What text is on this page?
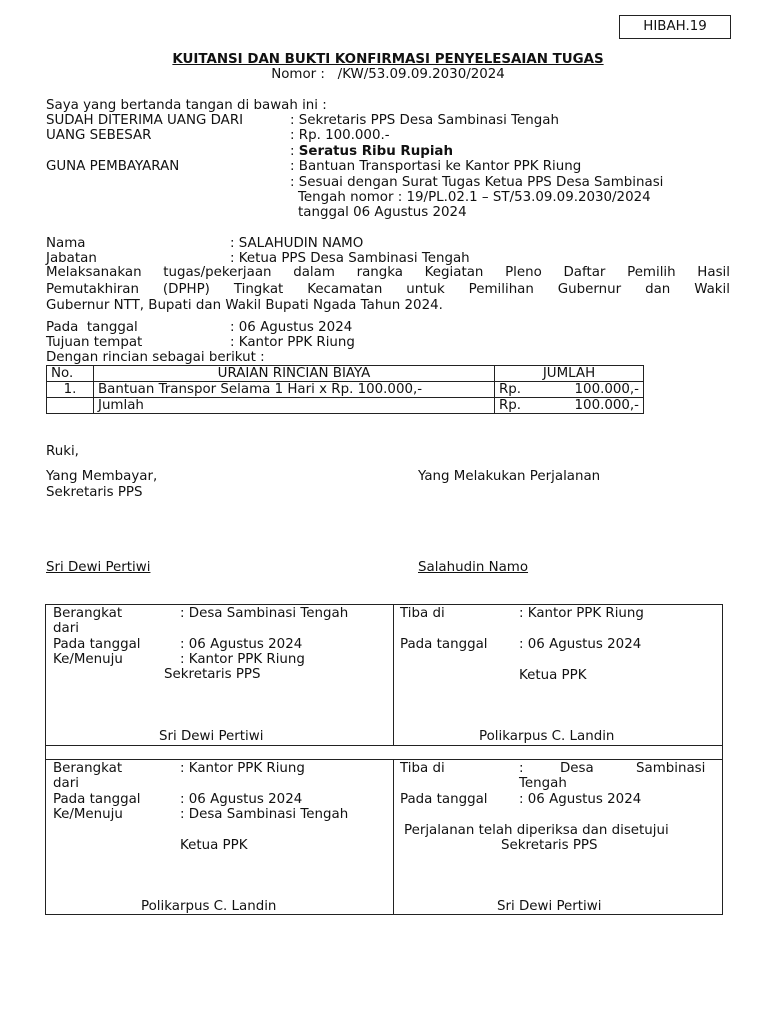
HIBAH.19
KUITANSI DAN BUKTI KONFIRMASI PENYELESAIAN TUGAS
Nomor :   /KW/53.09.09.2030/2024
Saya yang bertanda tangan di bawah ini :
SUDAH DITERIMA UANG DARI	: Sekretaris PPS Desa Sambinasi Tengah
UANG SEBESAR	: Rp. 100.000.-
: Seratus Ribu Rupiah
GUNA PEMBAYARAN	: Bantuan Transportasi ke Kantor PPK Riung
: Sesuai dengan Surat Tugas Ketua PPS Desa Sambinasi
Tengah nomor : 19/PL.02.1 – ST/53.09.09.2030/2024
tanggal 06 Agustus 2024
Nama	: SALAHUDIN NAMO
Jabatan	: Ketua PPS Desa Sambinasi Tengah
Melaksanakan tugas/pekerjaan dalam rangka Kegiatan Pleno Daftar Pemilih Hasil
Pemutakhiran (DPHP) Tingkat Kecamatan untuk Pemilihan Gubernur dan Wakil
Gubernur NTT, Bupati dan Wakil Bupati Ngada Tahun 2024.
Pada  tanggal	: 06 Agustus 2024
Tujuan tempat	: Kantor PPK Riung
Dengan rincian sebagai berikut :
No.	URAIAN RINCIAN BIAYA	JUMLAH
1.	Bantuan Transpor Selama 1 Hari x Rp. 100.000,-	Rp. 100.000,-

	Jumlah	Rp. 100.000,-
Ruki,
Yang Membayar,
Sekretaris PPS
Yang Melakukan Perjalanan
Sri Dewi Pertiwi	Salahudin Namo
Berangkat
dari
: Desa Sambinasi Tengah
Pada tanggal	: 06 Agustus 2024
Ke/Menuju	: Kantor PPK Riung
Sekretaris PPS
Sri Dewi Pertiwi
Tiba di	: Kantor PPK Riung
Pada tanggal : 06 Agustus 2024
Ketua PPK
Polikarpus C. Landin
Berangkat
dari
: Kantor PPK Riung
Pada tanggal	: 06 Agustus 2024
Ke/Menuju	: Desa Sambinasi Tengah
Ketua PPK
Polikarpus C. Landin
Tiba di	:	Desa	Sambinasi
Tengah
Pada tanggal : 06 Agustus 2024
Perjalanan telah diperiksa dan disetujui
Sekretaris PPS
Sri Dewi Pertiwi
